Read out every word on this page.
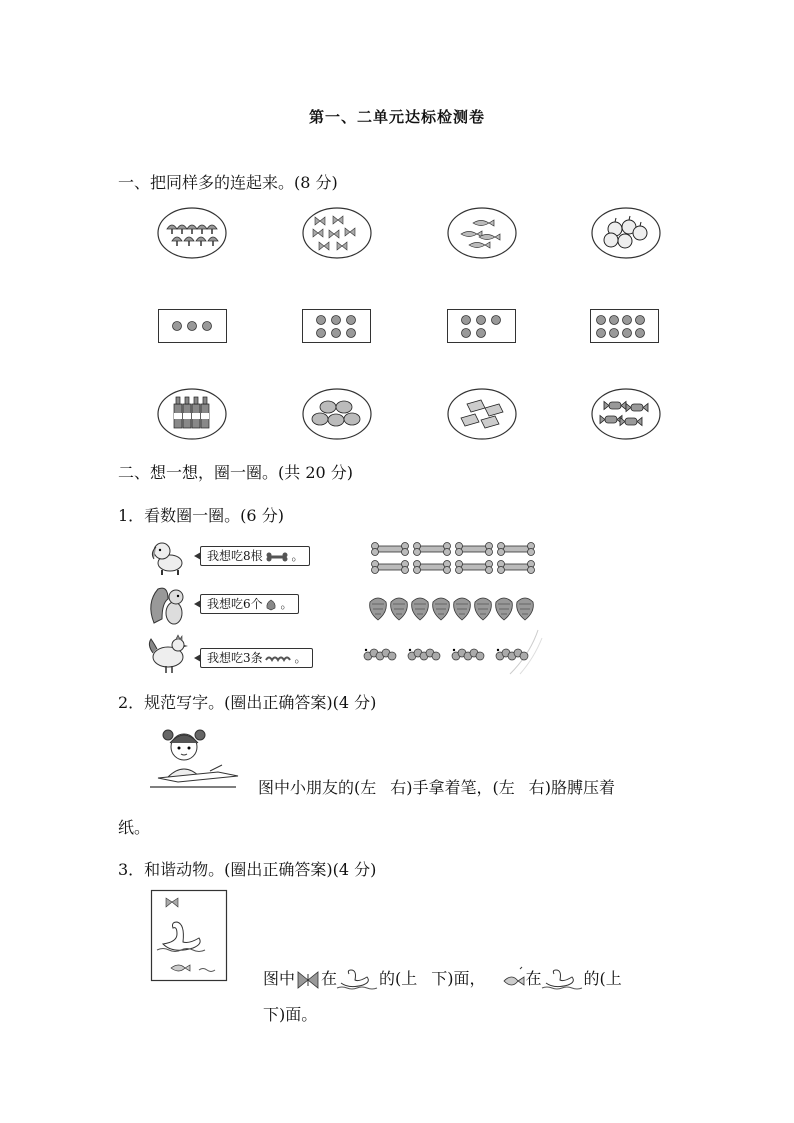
第一、二单元达标检测卷
一、把同样多的连起来。(8 分)
二、想一想，圈一圈。(共 20 分)
1．看数圈一圈。(6 分)
我想吃8根 。
我想吃6个 。
我想吃3条 。
2．规范写字。(圈出正确答案)(4 分)
图中小朋友的(左 右)手拿着笔，(左 右)胳膊压着
纸。
3．和谐动物。(圈出正确答案)(4 分)
图中 在	的(上 下)面，	在	的(上
下)面。
